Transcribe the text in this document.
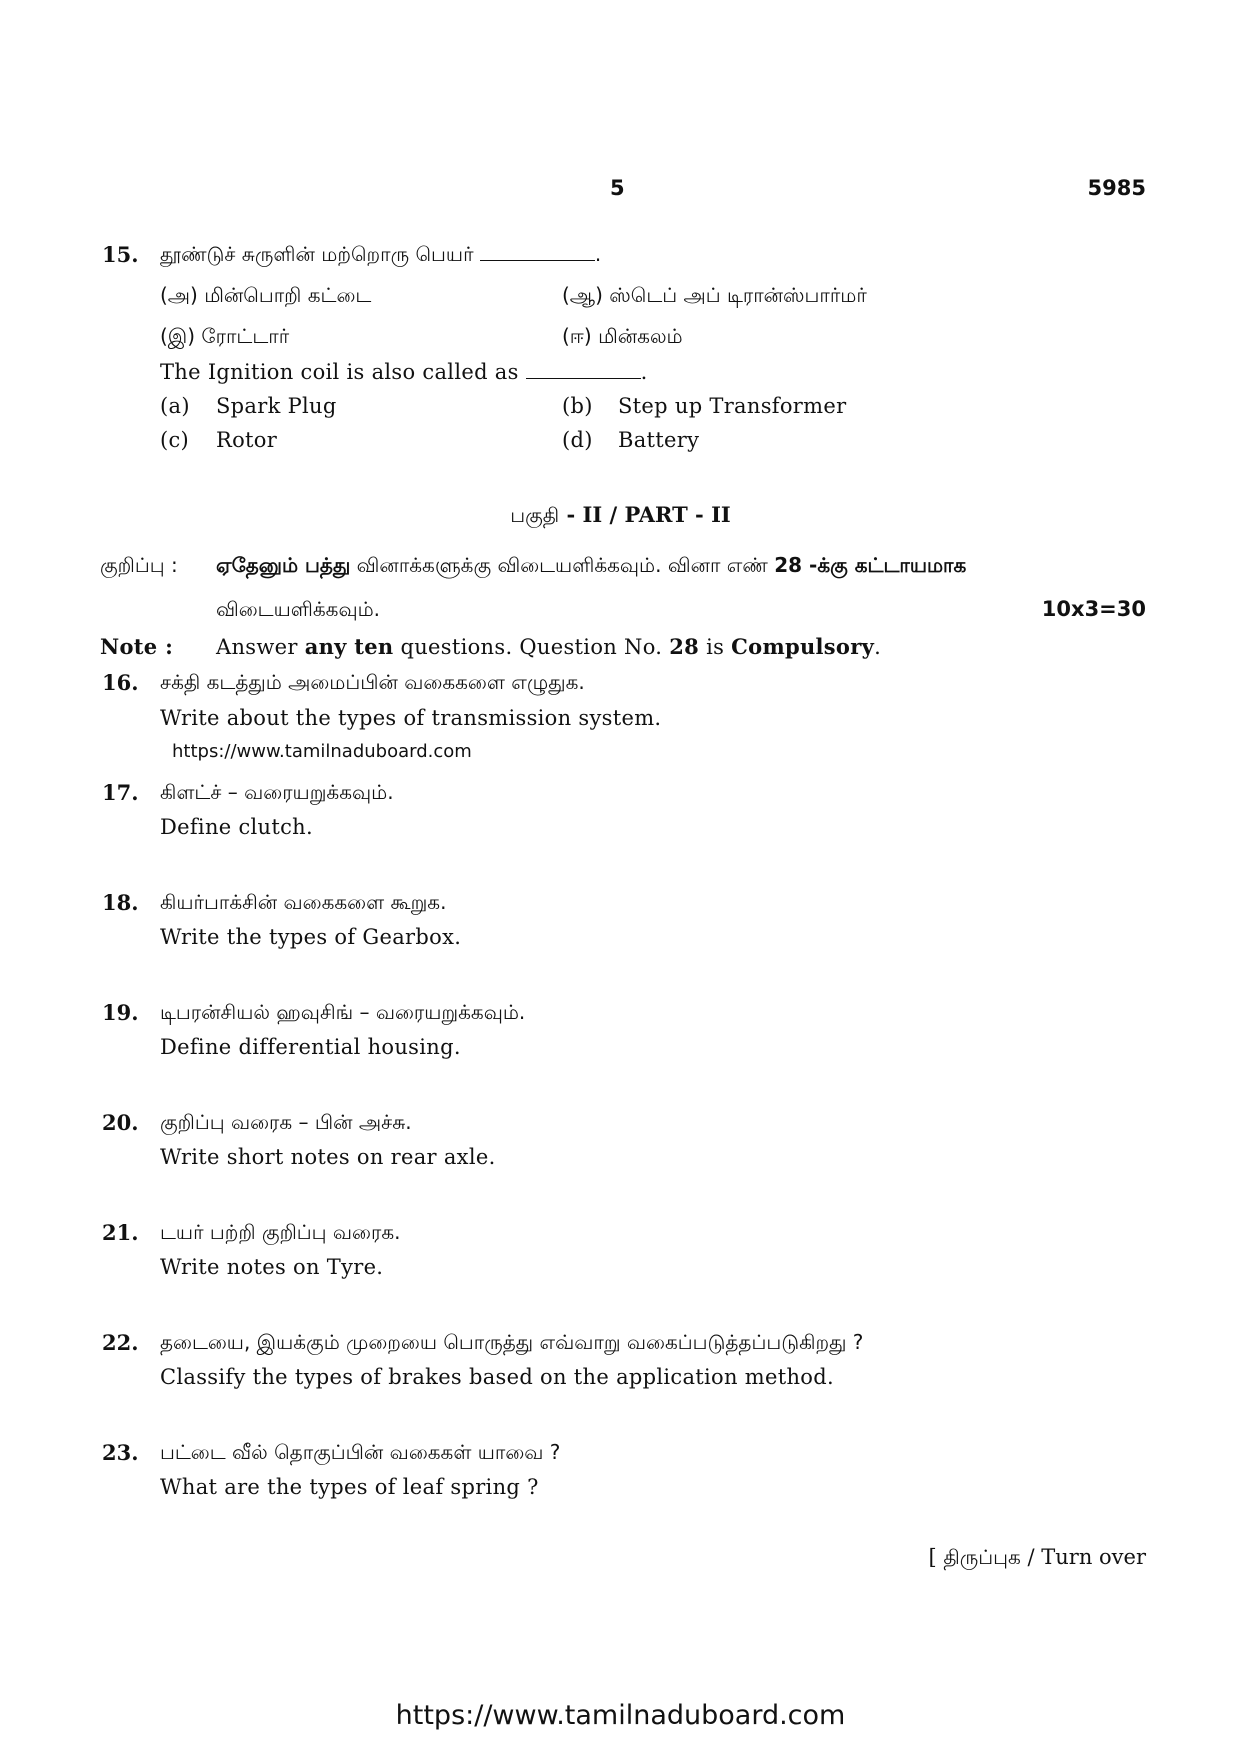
5	5985
15. தூண்டுச் சுருளின் மற்றொரு பெயர்	.
(அ) மின்பொறி கட்டை	(ஆ) ஸ்டெப் அப் டிரான்ஸ்பார்மர்
(இ) ரோட்டார்	(ஈ) மின்கலம்
The Ignition coil is also called as	.
(a) Spark Plug	(b) Step up Transformer
(c) Rotor	(d) Battery
பகுதி - II / PART - II
குறிப்பு : ஏதேனும் பத்து வினாக்களுக்கு விடையளிக்கவும். வினா எண் 28 -க்கு கட்டாயமாக
விடையளிக்கவும்.	10x3=30
Note : Answer any ten questions. Question No. 28 is Compulsory.
16. சக்தி கடத்தும் அமைப்பின் வகைகளை எழுதுக.
Write about the types of transmission system.
https://www.tamilnaduboard.com
17. கிளட்ச் – வரையறுக்கவும்.
Define clutch.
18. கியர்பாக்சின் வகைகளை கூறுக.
Write the types of Gearbox.
19. டிபரன்சியல் ஹவுசிங் – வரையறுக்கவும்.
Define differential housing.
20. குறிப்பு வரைக – பின் அச்சு.
Write short notes on rear axle.
21. டயர் பற்றி குறிப்பு வரைக.
Write notes on Tyre.
22. தடையை, இயக்கும் முறையை பொருத்து எவ்வாறு வகைப்படுத்தப்படுகிறது ?
Classify the types of brakes based on the application method.
23. பட்டை வீல் தொகுப்பின் வகைகள் யாவை ?
What are the types of leaf spring ?
[ திருப்புக / Turn over
https://www.tamilnaduboard.com
